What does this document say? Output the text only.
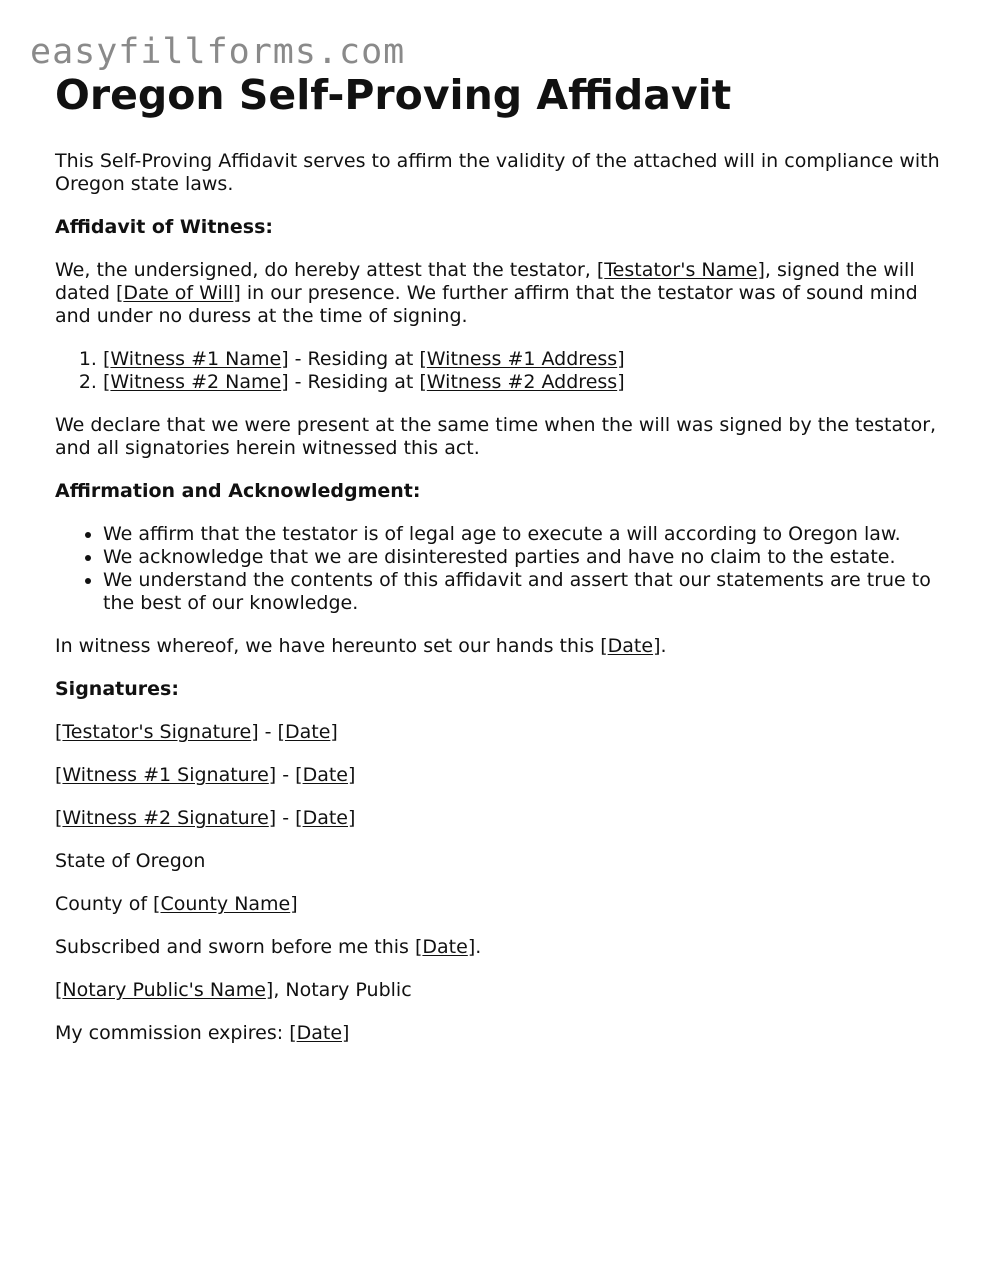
easyfillforms.com
Oregon Self-Proving Affidavit

This Self-Proving Affidavit serves to affirm the validity of the attached will in compliance with Oregon state laws.

Affidavit of Witness:

We, the undersigned, do hereby attest that the testator, [Testator's Name], signed the will dated [Date of Will] in our presence. We further affirm that the testator was of sound mind and under no duress at the time of signing.

1. [Witness #1 Name] - Residing at [Witness #1 Address]
2. [Witness #2 Name] - Residing at [Witness #2 Address]

We declare that we were present at the same time when the will was signed by the testator, and all signatories herein witnessed this act.

Affirmation and Acknowledgment:

• We affirm that the testator is of legal age to execute a will according to Oregon law.
• We acknowledge that we are disinterested parties and have no claim to the estate.
• We understand the contents of this affidavit and assert that our statements are true to the best of our knowledge.

In witness whereof, we have hereunto set our hands this [Date].

Signatures:

[Testator's Signature] - [Date]

[Witness #1 Signature] - [Date]

[Witness #2 Signature] - [Date]

State of Oregon

County of [County Name]

Subscribed and sworn before me this [Date].

[Notary Public's Name], Notary Public

My commission expires: [Date]
